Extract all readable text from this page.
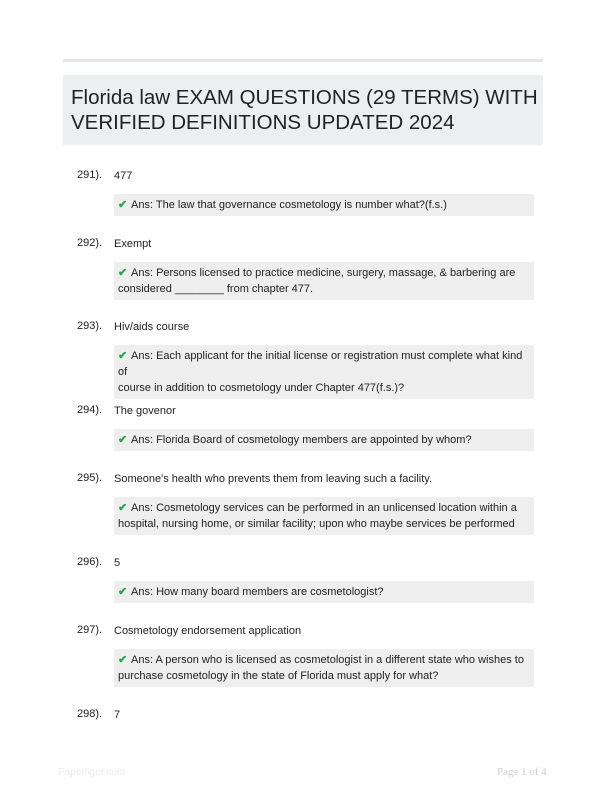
Florida law EXAM QUESTIONS (29 TERMS) WITH
VERIFIED DEFINITIONS UPDATED 2024
291). 477
✔ Ans: The law that governance cosmetology is number what?(f.s.)
292). Exempt
✔ Ans: Persons licensed to practice medicine, surgery, massage, & barbering are
considered ________ from chapter 477.
293). Hiv/aids course
✔ Ans: Each applicant for the initial license or registration must complete what kind of
course in addition to cosmetology under Chapter 477(f.s.)?
294). The govenor
✔ Ans: Florida Board of cosmetology members are appointed by whom?
295). Someone's health who prevents them from leaving such a facility.
✔ Ans: Cosmetology services can be performed in an unlicensed location within a
hospital, nursing home, or similar facility; upon who maybe services be performed
296). 5
✔ Ans: How many board members are cosmetologist?
297). Cosmetology endorsement application
✔ Ans: A person who is licensed as cosmetologist in a different state who wishes to
purchase cosmetology in the state of Florida must apply for what?
298). 7
Papertiger.com	Page 1 of 4
